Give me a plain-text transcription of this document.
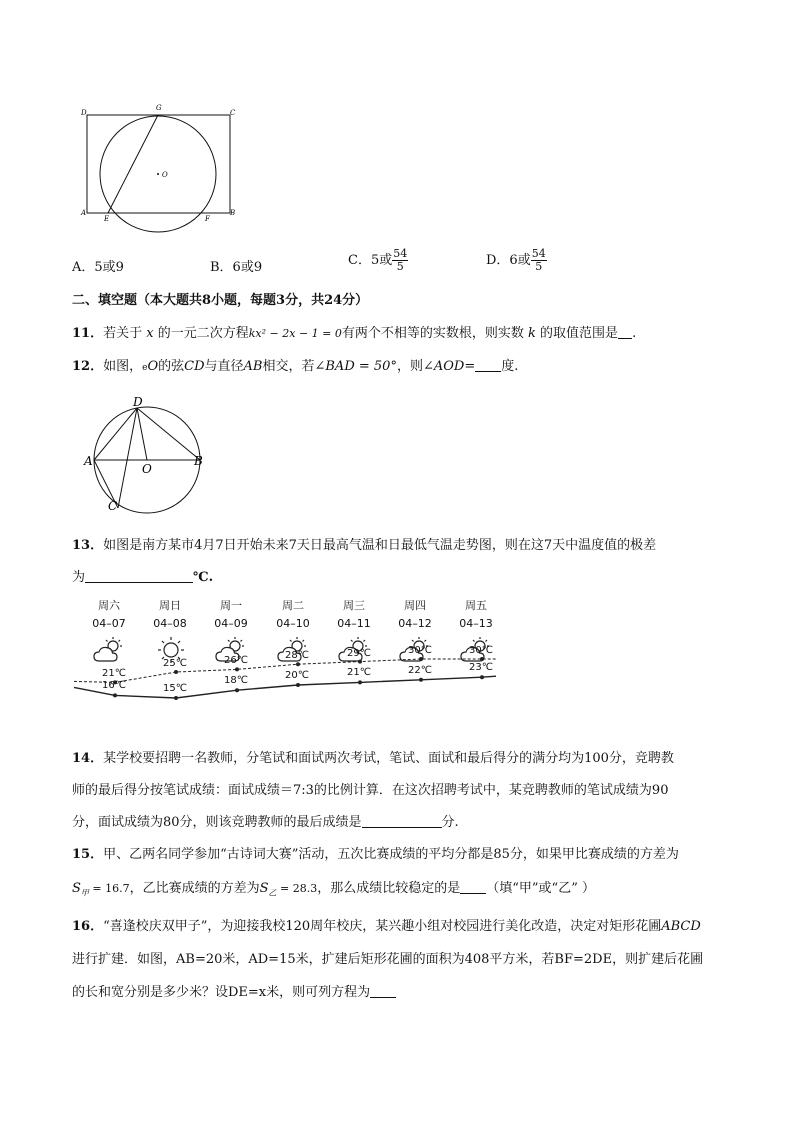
D
G
C
O
A
E	F
B
A．5或9	B．6或9	C．5或 $\frac{54}{5}$	D．6或 $\frac{54}{5}$
二、填空题（本大题共8小题，每题3分，共24分）
11．若关于 x 的一元二次方程kx² − 2x − 1 = 0有两个不相等的实数根，则实数 k 的取值范围是 .
12．如图，eO的弦CD与直径AB相交，若∠BAD = 50°，则∠AOD= 度.
D
A
O
B
C
13．如图是南方某市4月7日开始未来7天日最高气温和日最低气温走势图，则在这7天中温度值的极差
为	℃.
周六	周日	周一	周二	周三	周四	周五
04–07	04–08	04–09	04–10	04–11	04–12	04–13
21℃
25℃	26℃	28℃	29℃	30℃	30℃
16℃	15℃
18℃	20℃	21℃	22℃	23℃
14．某学校要招聘一名教师，分笔试和面试两次考试，笔试、面试和最后得分的满分均为100分，竞聘教
师的最后得分按笔试成绩：面试成绩＝7:3的比例计算．在这次招聘考试中，某竞聘教师的笔试成绩为90
分，面试成绩为80分，则该竞聘教师的最后成绩是	分.
15．甲、乙两名同学参加“古诗词大赛”活动，五次比赛成绩的平均分都是85分，如果甲比赛成绩的方差为
$S_甲 = 16.7$，乙比赛成绩的方差为$S_乙 = 28.3$，那么成绩比较稳定的是 （填“甲”或“乙” ）
16．“喜逢校庆双甲子”，为迎接我校120周年校庆，某兴趣小组对校园进行美化改造，决定对矩形花圃ABCD
进行扩建．如图，AB=20米，AD=15米，扩建后矩形花圃的面积为408平方米，若BF=2DE，则扩建后花圃
的长和宽分别是多少米？设DE=x米，则可列方程为
